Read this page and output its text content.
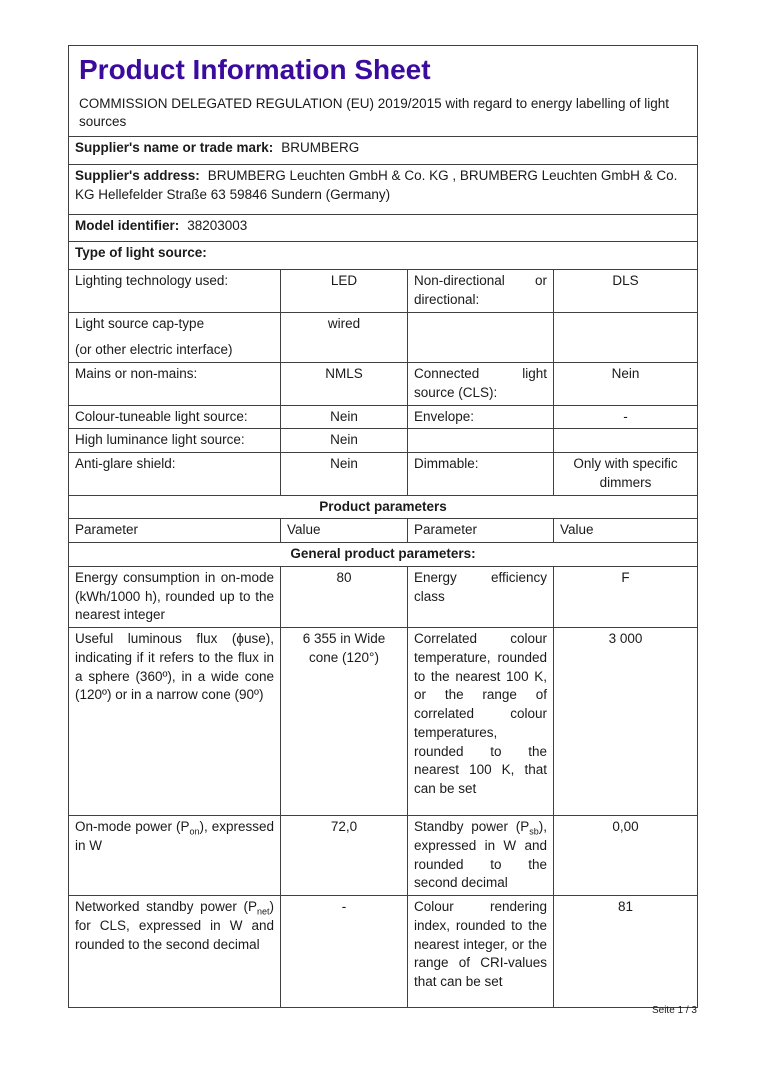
Product Information Sheet
COMMISSION DELEGATED REGULATION (EU) 2019/2015 with regard to energy labelling of light sources			

Supplier's name or trade mark: BRUMBERG			
Supplier's address: BRUMBERG Leuchten GmbH & Co. KG , BRUMBERG Leuchten GmbH & Co. KG Hellefelder Straße 63 59846 Sundern (Germany)			
Model identifier: 38203003			
Type of light source:			
Lighting technology used:	LED	Non-directional or directional:	DLS

Light source cap-type
(or other electric interface)	wired		
Mains or non-mains:	NMLS	Connected light source (CLS):	Nein
Colour-tuneable light source:	Nein	Envelope:	-
High luminance light source:	Nein		
Anti-glare shield:	Nein	Dimmable:	Only with specific dimmers
Product parameters			
Parameter	Value	Parameter	Value
General product parameters:			
Energy consumption in on-mode (kWh/1000 h), rounded up to the nearest integer	80	Energy efficiency class	F
Useful luminous flux (ϕuse), indicating if it refers to the flux in a sphere (360º), in a wide cone (120º) or in a narrow cone (90º)	6 355 in Wide cone (120°)	Correlated colour temperature, rounded to the nearest 100 K, or the range of correlated colour temperatures, rounded to the nearest 100 K, that can be set	3 000
On-mode power $(P_{on})$, expressed in W	72,0	Standby power $(P_{sb})$, expressed in W and rounded to the second decimal	0,00
Networked standby power $(P_{net})$ for CLS, expressed in W and rounded to the second decimal	-	Colour rendering index, rounded to the nearest integer, or the range of CRI-values that can be set	81
Seite 1 / 3
